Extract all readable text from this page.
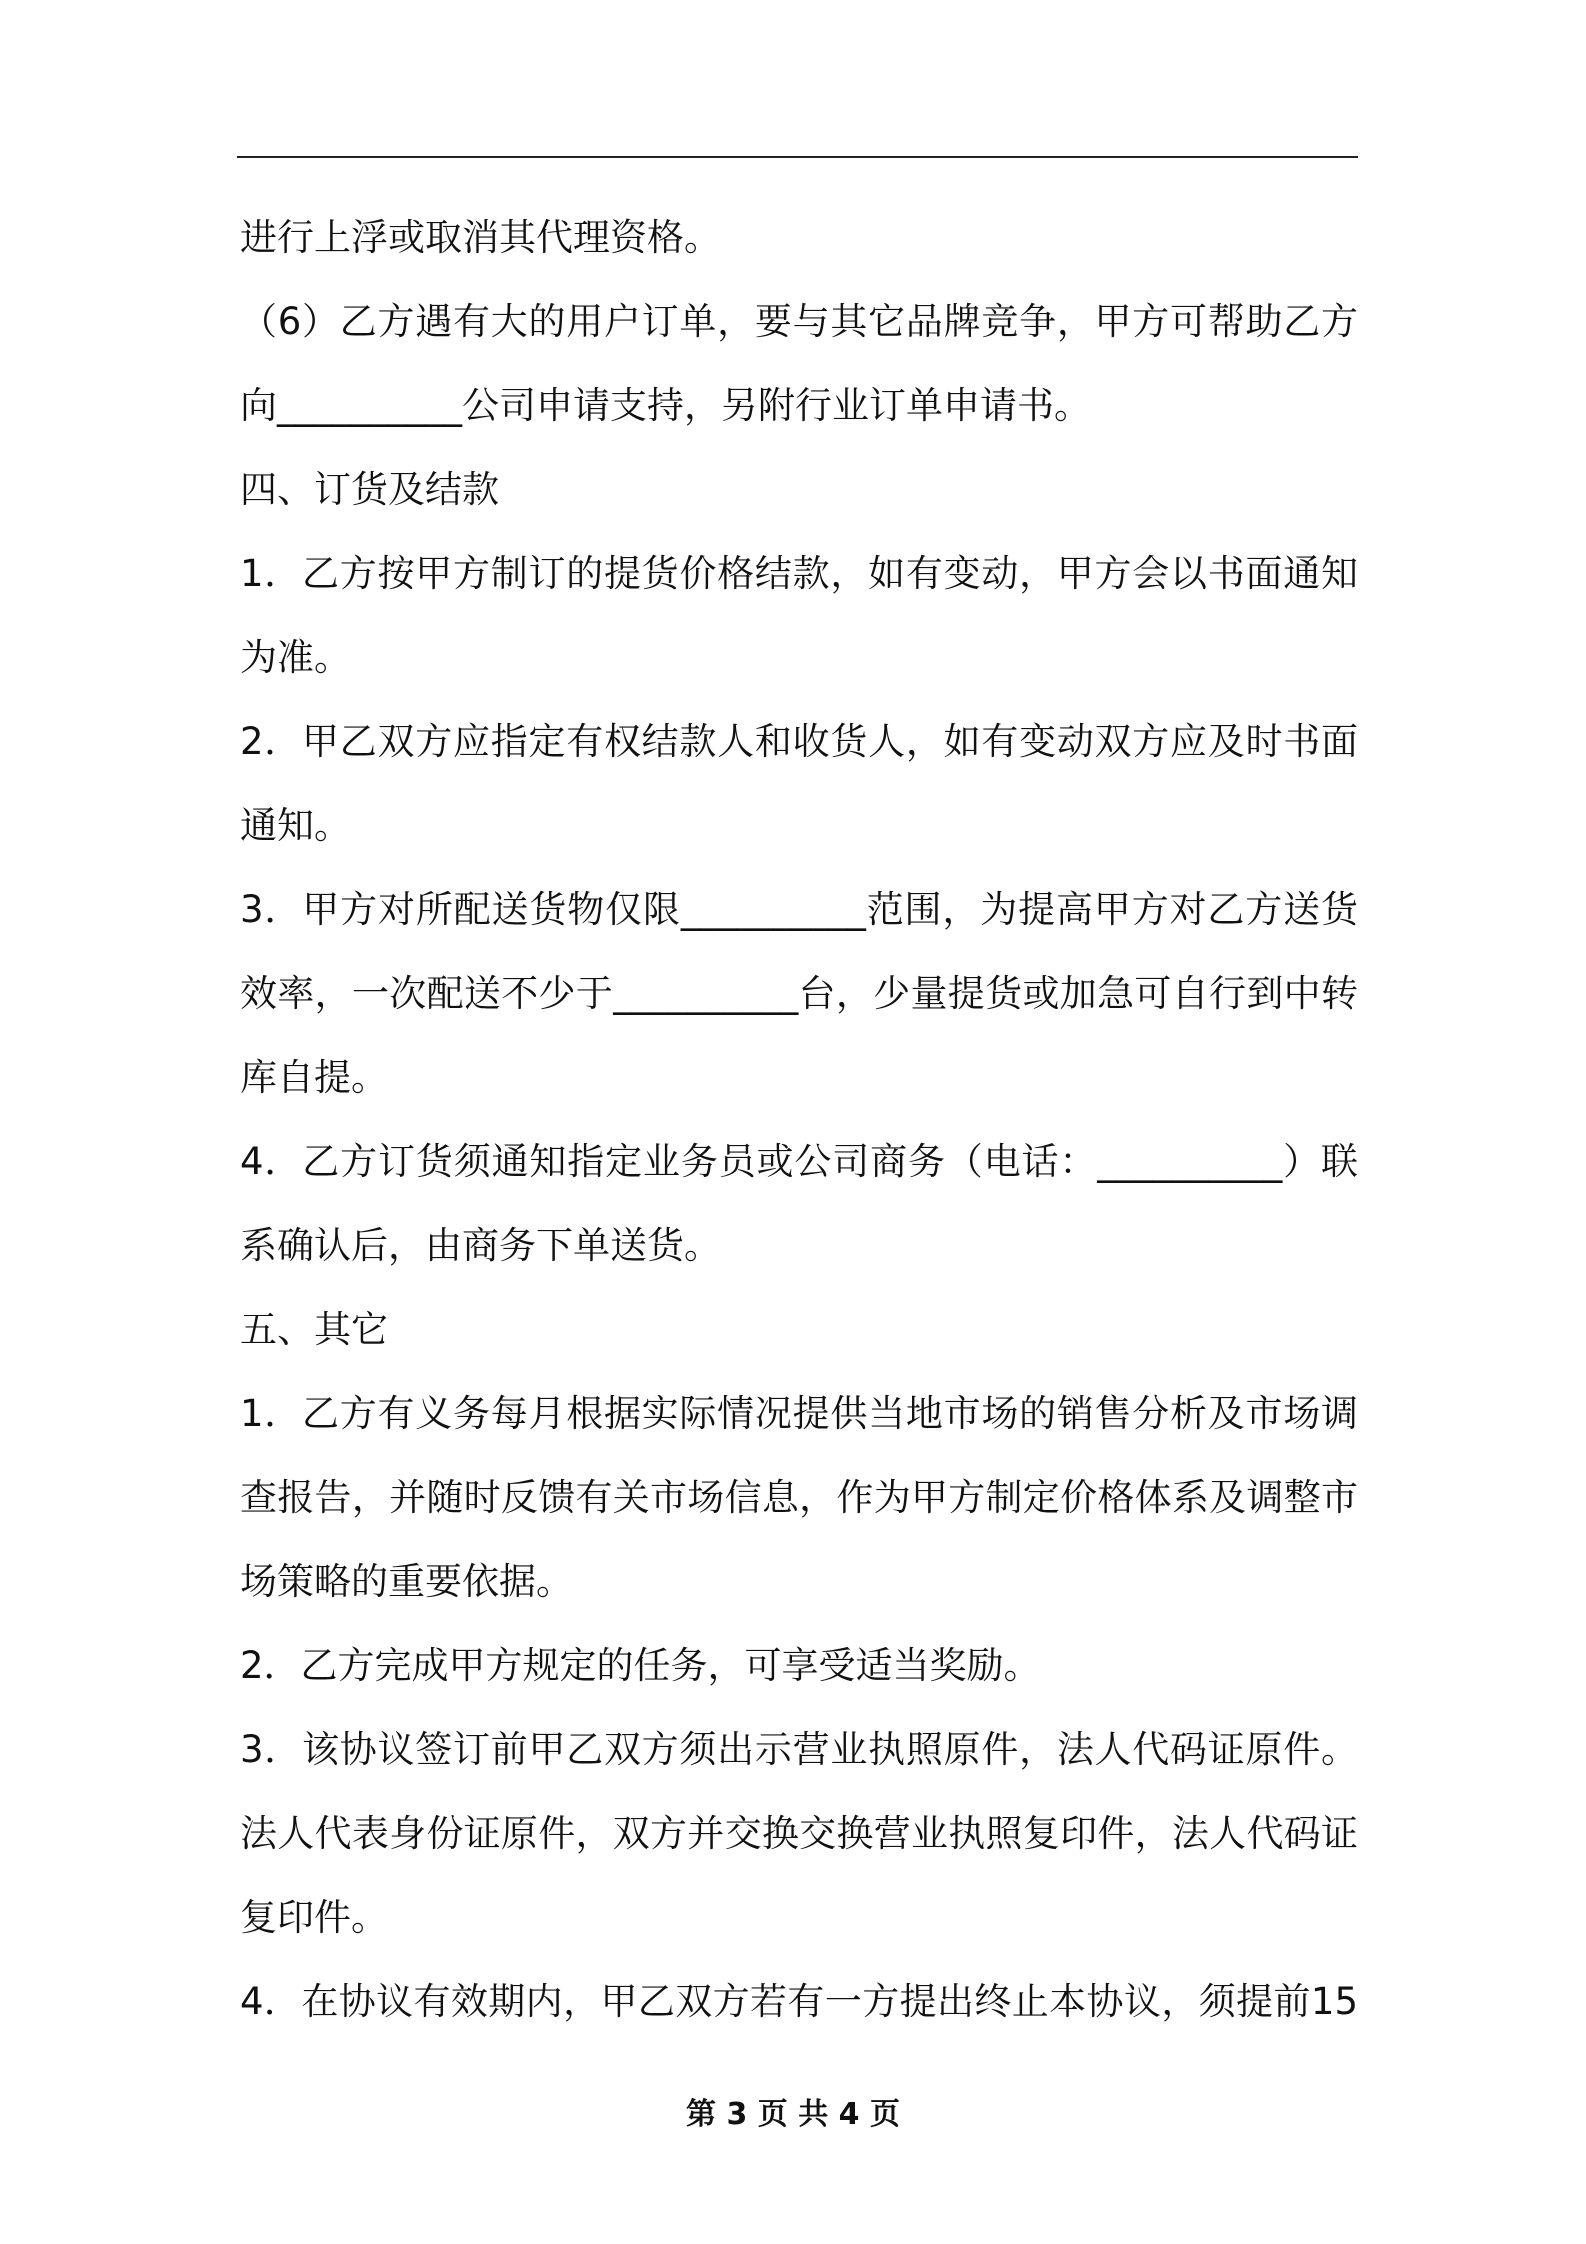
进行上浮或取消其代理资格。
（6）乙方遇有大的用户订单，要与其它品牌竞争，甲方可帮助乙方
向__________公司申请支持，另附行业订单申请书。
四、订货及结款
1．乙方按甲方制订的提货价格结款，如有变动，甲方会以书面通知
为准。
2．甲乙双方应指定有权结款人和收货人，如有变动双方应及时书面
通知。
3．甲方对所配送货物仅限__________范围，为提高甲方对乙方送货
效率，一次配送不少于__________台，少量提货或加急可自行到中转
库自提。
4．乙方订货须通知指定业务员或公司商务（电话：__________）联
系确认后，由商务下单送货。
五、其它
1．乙方有义务每月根据实际情况提供当地市场的销售分析及市场调
查报告，并随时反馈有关市场信息，作为甲方制定价格体系及调整市
场策略的重要依据。
2．乙方完成甲方规定的任务，可享受适当奖励。
3．该协议签订前甲乙双方须出示营业执照原件，法人代码证原件。
法人代表身份证原件，双方并交换交换营业执照复印件，法人代码证
复印件。
4．在协议有效期内，甲乙双方若有一方提出终止本协议，须提前15
第 3 页 共 4 页
